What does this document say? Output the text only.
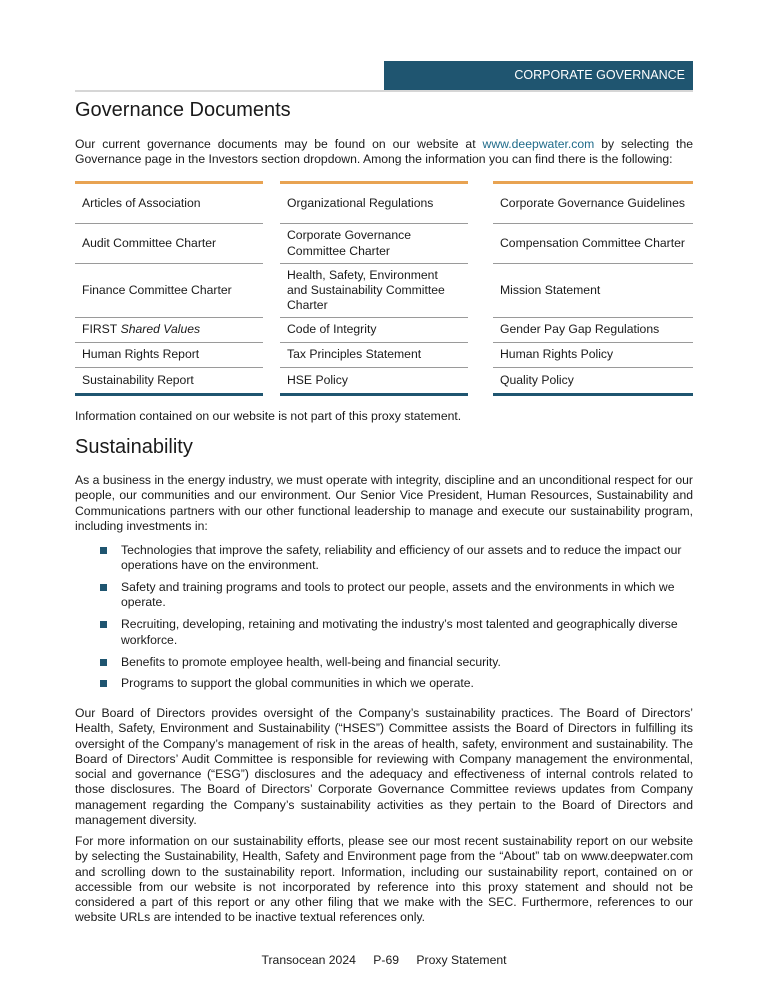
CORPORATE GOVERNANCE
Governance Documents

Our current governance documents may be found on our website at www.deepwater.com by selecting the Governance page in the Investors section dropdown. Among the information you can find there is the following:

Articles of Association
Audit Committee Charter
Finance Committee Charter
FIRST
Shared Values
Human Rights Report
Sustainability Report
Organizational Regulations
Corporate Governance Committee Charter
Health, Safety, Environment and Sustainability Committee Charter
Code of Integrity
Tax Principles Statement
HSE Policy
Corporate Governance Guidelines
Compensation Committee Charter
Mission Statement
Gender Pay Gap Regulations
Human Rights Policy
Quality Policy

Information contained on our website is not part of this proxy statement.

Sustainability

As a business in the energy industry, we must operate with integrity, discipline and an unconditional respect for our people, our communities and our environment. Our Senior Vice President, Human Resources, Sustainability and Communications partners with our other functional leadership to manage and execute our sustainability program, including investments in:

Technologies that improve the safety, reliability and efficiency of our assets and to reduce the impact our operations have on the environment.
Safety and training programs and tools to protect our people, assets and the environments in which we operate.
Recruiting, developing, retaining and motivating the industry’s most talented and geographically diverse workforce.
Benefits to promote employee health, well-being and financial security.
Programs to support the global communities in which we operate.

Our Board of Directors provides oversight of the Company’s sustainability practices. The Board of Directors’ Health, Safety, Environment and Sustainability (“HSES”) Committee assists the Board of Directors in fulfilling its oversight of the Company’s management of risk in the areas of health, safety, environment and sustainability. The Board of Directors’ Audit Committee is responsible for reviewing with Company management the environmental, social and governance (“ESG”) disclosures and the adequacy and effectiveness of internal controls related to those disclosures. The Board of Directors’ Corporate Governance Committee reviews updates from Company management regarding the Company’s sustainability activities as they pertain to the Board of Directors and management diversity.

For more information on our sustainability efforts, please see our most recent sustainability report on our website by selecting the Sustainability, Health, Safety and Environment page from the “About” tab on www.deepwater.com and scrolling down to the sustainability report. Information, including our sustainability report, contained on or accessible from our website is not incorporated by reference into this proxy statement and should not be considered a part of this report or any other filing that we make with the SEC. Furthermore, references to our website URLs are intended to be inactive textual references only.

Transocean 2024 P-69 Proxy Statement
